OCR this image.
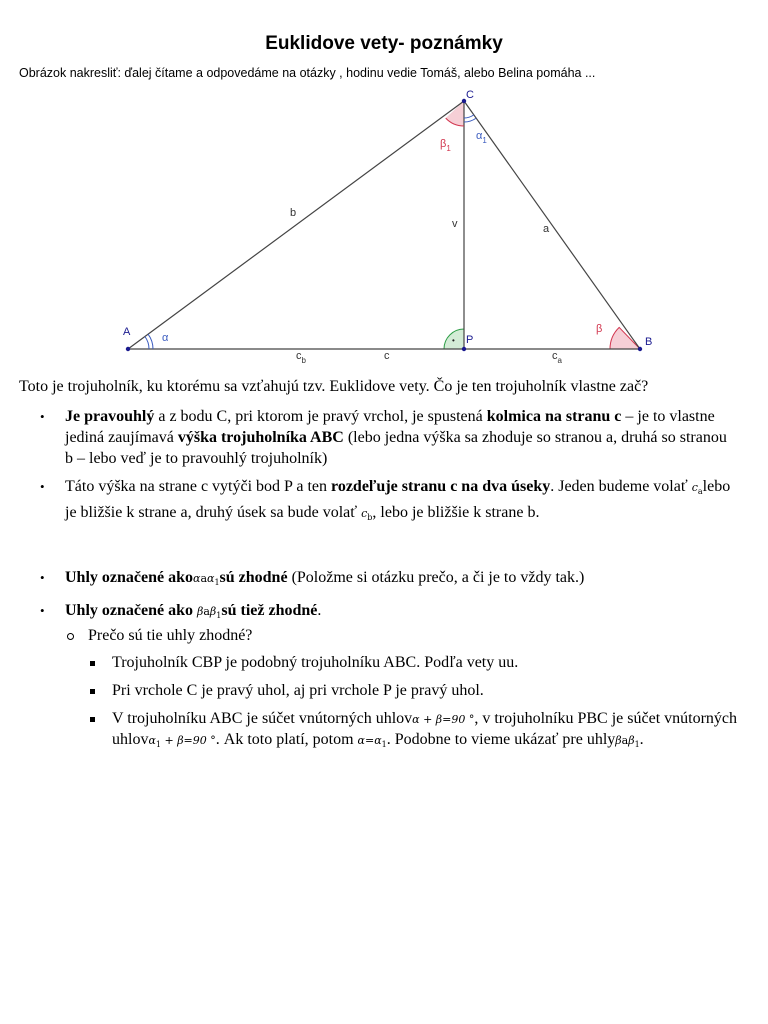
Euklidove vety- poznámky
Obrázok nakresliť: ďalej čítame a odpovedáme na otázky , hodinu vedie Tomáš, alebo Belina pomáha ...
α
β
$\beta_1$
$\alpha_1$
•
A
B
C
P
b
a
v
c
$c_b$	$c_a$

Toto je trojuholník, ku ktorému sa vzťahujú tzv. Euklidove vety. Čo je ten trojuholník vlastne zač?

• Je pravouhlý a z bodu C, pri ktorom je pravý vrchol, je spustená kolmica na stranu c – je to vlastne jediná zaujímavá výška trojuholníka ABC (lebo jedna výška sa zhoduje so stranou a, druhá so stranou b – lebo veď je to pravouhlý trojuholník)
• Táto výška na strane c vytýči bod P a ten rozdeľuje stranu c na dva úseky. Jeden budeme volať $c_alebo$ je bližšie k strane a, druhý úsek sa bude volať $c_b$, lebo je bližšie k strane b.
• Uhly označené akoαaα$_1$sú zhodné (Položme si otázku prečo, a či je to vždy tak.)
• Uhly označené ako βaβ$_1$sú tiež zhodné.
Prečo sú tie uhly zhodné?
Trojuholník CBP je podobný trojuholníku ABC. Podľa vety uu.
Pri vrchole C je pravý uhol, aj pri vrchole P je pravý uhol.
V trojuholníku ABC je súčet vnútorných uhlovα + β=90 °, v trojuholníku PBC je súčet vnútorných uhlovα$_1$ + β=90 °. Ak toto platí, potom $\alpha=\alpha_1$. Podobne to vieme ukázať pre uhlyβaβ$_1$.
